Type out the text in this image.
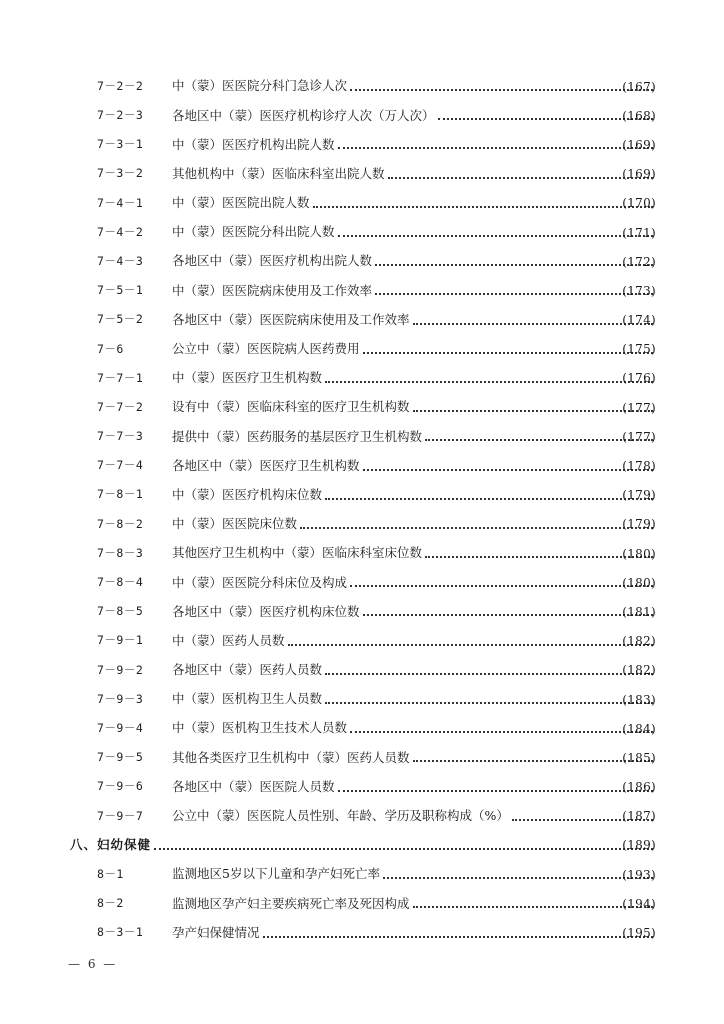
7－2－2	中（蒙）医医院分科门急诊人次	(167)
7－2－3	各地区中（蒙）医医疗机构诊疗人次（万人次）	(168)
7－3－1	中（蒙）医医疗机构出院人数	(169)
7－3－2	其他机构中（蒙）医临床科室出院人数	(169)
7－4－1	中（蒙）医医院出院人数	(170)
7－4－2	中（蒙）医医院分科出院人数	(171)
7－4－3	各地区中（蒙）医医疗机构出院人数	(172)
7－5－1	中（蒙）医医院病床使用及工作效率	(173)
7－5－2	各地区中（蒙）医医院病床使用及工作效率	(174)
7－6	公立中（蒙）医医院病人医药费用	(175)
7－7－1	中（蒙）医医疗卫生机构数	(176)
7－7－2	设有中（蒙）医临床科室的医疗卫生机构数	(177)
7－7－3	提供中（蒙）医药服务的基层医疗卫生机构数	(177)
7－7－4	各地区中（蒙）医医疗卫生机构数	(178)
7－8－1	中（蒙）医医疗机构床位数	(179)
7－8－2	中（蒙）医医院床位数	(179)
7－8－3	其他医疗卫生机构中（蒙）医临床科室床位数	(180)
7－8－4	中（蒙）医医院分科床位及构成	(180)
7－8－5	各地区中（蒙）医医疗机构床位数	(181)
7－9－1	中（蒙）医药人员数	(182)
7－9－2	各地区中（蒙）医药人员数	(182)
7－9－3	中（蒙）医机构卫生人员数	(183)
7－9－4	中（蒙）医机构卫生技术人员数	(184)
7－9－5	其他各类医疗卫生机构中（蒙）医药人员数	(185)
7－9－6	各地区中（蒙）医医院人员数	(186)
7－9－7	公立中（蒙）医医院人员性别、年龄、学历及职称构成（%）	(187)
八、妇幼保健	(189)
8－1	监测地区5岁以下儿童和孕产妇死亡率	(193)
8－2	监测地区孕产妇主要疾病死亡率及死因构成	(194)
8－3－1	孕产妇保健情况	(195)
— 6 —
